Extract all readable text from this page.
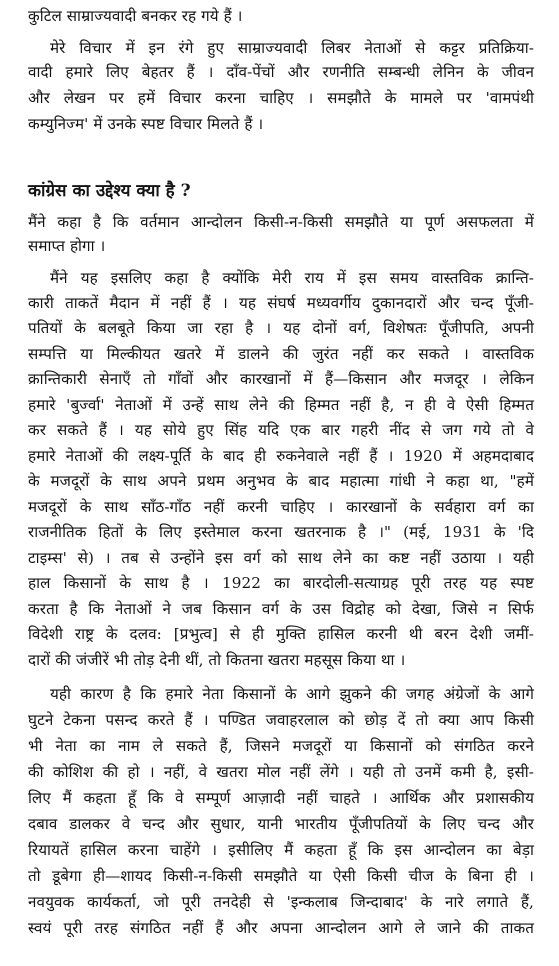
कुटिल साम्राज्यवादी बनकर रह गये हैं ।
मेरे विचार में इन रंगे हुए साम्राज्यवादी लिबर नेताओं से कट्टर प्रतिक्रिया-
वादी हमारे लिए बेहतर हैं । दाँव-पेंचों और रणनीति सम्बन्धी लेनिन के जीवन
और लेखन पर हमें विचार करना चाहिए । समझौते के मामले पर 'वामपंथी
कम्युनिज्म' में उनके स्पष्ट विचार मिलते हैं ।
कांग्रेस का उद्देश्य क्या है ?
मैंने कहा है कि वर्तमान आन्दोलन किसी-न-किसी समझौते या पूर्ण असफलता में
समाप्त होगा ।
मैंने यह इसलिए कहा है क्योंकि मेरी राय में इस समय वास्तविक क्रान्ति-
कारी ताकतें मैदान में नहीं हैं । यह संघर्ष मध्यवर्गीय दुकानदारों और चन्द पूँजी-
पतियों के बलबूते किया जा रहा है । यह दोनों वर्ग, विशेषतः पूँजीपति, अपनी
सम्पत्ति या मिल्कीयत खतरे में डालने की जुरंत नहीं कर सकते । वास्तविक
क्रान्तिकारी सेनाएँ तो गाँवों और कारखानों में हैं—किसान और मजदूर । लेकिन
हमारे 'बुर्ज्वा' नेताओं में उन्हें साथ लेने की हिम्मत नहीं है, न ही वे ऐसी हिम्मत
कर सकते हैं । यह सोये हुए सिंह यदि एक बार गहरी नींद से जग गये तो वे
हमारे नेताओं की लक्ष्य-पूर्ति के बाद ही रुकनेवाले नहीं हैं । 1920 में अहमदाबाद
के मजदूरों के साथ अपने प्रथम अनुभव के बाद महात्मा गांधी ने कहा था, "हमें
मजदूरों के साथ साँठ-गाँठ नहीं करनी चाहिए । कारखानों के सर्वहारा वर्ग का
राजनीतिक हितों के लिए इस्तेमाल करना खतरनाक है ।" (मई, 1931 के 'दि
टाइम्स' से) । तब से उन्होंने इस वर्ग को साथ लेने का कष्ट नहीं उठाया । यही
हाल किसानों के साथ है । 1922 का बारदोली-सत्याग्रह पूरी तरह यह स्पष्ट
करता है कि नेताओं ने जब किसान वर्ग के उस विद्रोह को देखा, जिसे न सिर्फ
विदेशी राष्ट्र के दलव: [प्रभुत्व] से ही मुक्ति हासिल करनी थी बरन देशी जमीं-
दारों की जंजीरें भी तोड़ देनी थीं, तो कितना खतरा महसूस किया था ।
यही कारण है कि हमारे नेता किसानों के आगे झुकने की जगह अंग्रेजों के आगे
घुटने टेकना पसन्द करते हैं । पण्डित जवाहरलाल को छोड़ दें तो क्या आप किसी
भी नेता का नाम ले सकते हैं, जिसने मजदूरों या किसानों को संगठित करने
की कोशिश की हो । नहीं, वे खतरा मोल नहीं लेंगे । यही तो उनमें कमी है, इसी-
लिए मैं कहता हूँ कि वे सम्पूर्ण आज़ादी नहीं चाहते । आर्थिक और प्रशासकीय
दबाव डालकर वे चन्द और सुधार, यानी भारतीय पूँजीपतियों के लिए चन्द और
रियायतें हासिल करना चाहेंगे । इसीलिए मैं कहता हूँ कि इस आन्दोलन का बेड़ा
तो डूबेगा ही—शायद किसी-न-किसी समझौते या ऐसी किसी चीज के बिना ही ।
नवयुवक कार्यकर्ता, जो पूरी तनदेही से 'इन्कलाब जिन्दाबाद' के नारे लगाते हैं,
स्वयं पूरी तरह संगठित नहीं हैं और अपना आन्दोलन आगे ले जाने की ताकत
